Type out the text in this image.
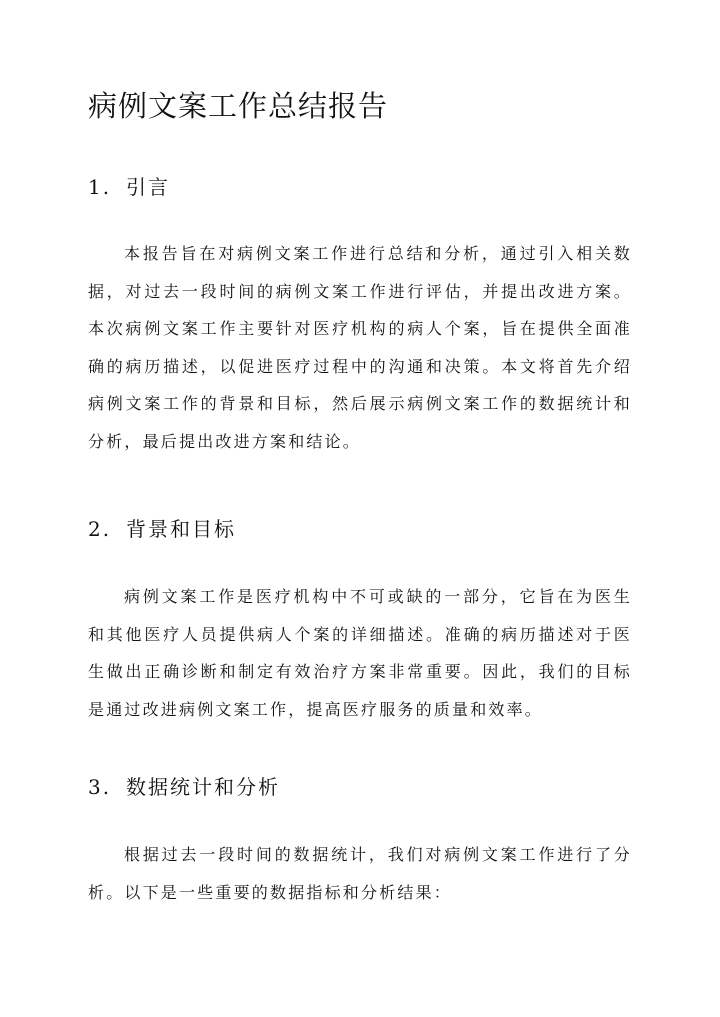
病例文案工作总结报告
1. 引言

本报告旨在对病例文案工作进行总结和分析，通过引入相关数据，对过去一段时间的病例文案工作进行评估，并提出改进方案。本次病例文案工作主要针对医疗机构的病人个案，旨在提供全面准确的病历描述，以促进医疗过程中的沟通和决策。本文将首先介绍病例文案工作的背景和目标，然后展示病例文案工作的数据统计和分析，最后提出改进方案和结论。

2. 背景和目标

病例文案工作是医疗机构中不可或缺的一部分，它旨在为医生和其他医疗人员提供病人个案的详细描述。准确的病历描述对于医生做出正确诊断和制定有效治疗方案非常重要。因此，我们的目标是通过改进病例文案工作，提高医疗服务的质量和效率。

3. 数据统计和分析

根据过去一段时间的数据统计，我们对病例文案工作进行了分析。以下是一些重要的数据指标和分析结果：
